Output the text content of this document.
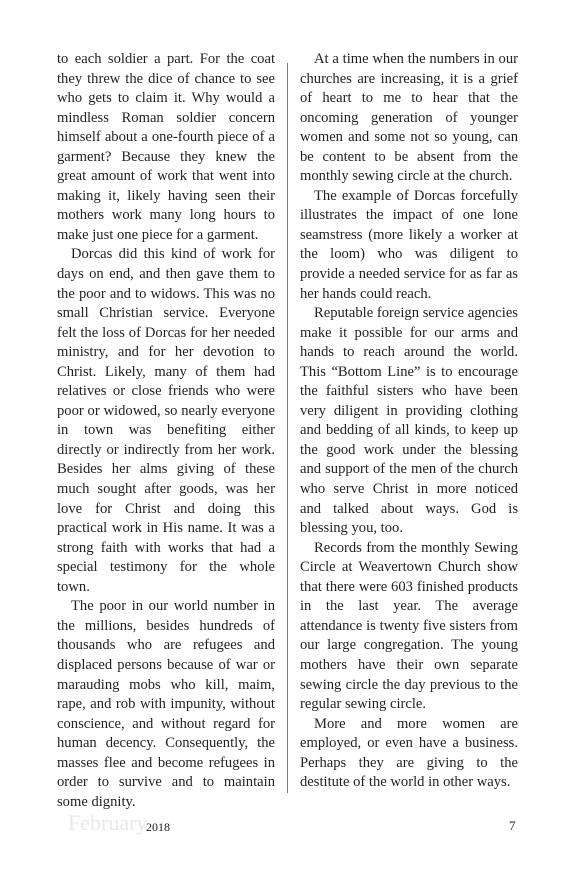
to each soldier a part. For the coat they threw the dice of chance to see who gets to claim it. Why would a mindless Roman soldier concern himself about a one-fourth piece of a garment? Because they knew the great amount of work that went into making it, likely having seen their mothers work many long hours to make just one piece for a garment.

Dorcas did this kind of work for days on end, and then gave them to the poor and to widows. This was no small Christian service. Everyone felt the loss of Dorcas for her needed ministry, and for her devotion to Christ. Likely, many of them had relatives or close friends who were poor or widowed, so nearly everyone in town was benefiting either directly or indirectly from her work. Besides her alms giving of these much sought after goods, was her love for Christ and doing this practical work in His name. It was a strong faith with works that had a special testimony for the whole town.

The poor in our world number in the millions, besides hundreds of thousands who are refugees and displaced persons because of war or marauding mobs who kill, maim, rape, and rob with impunity, without conscience, and without regard for human decency. Consequently, the masses flee and become refugees in order to survive and to maintain some dignity.

At a time when the numbers in our churches are increasing, it is a grief of heart to me to hear that the oncoming generation of younger women and some not so young, can be content to be absent from the monthly sewing circle at the church.

The example of Dorcas forcefully illustrates the impact of one lone seamstress (more likely a worker at the loom) who was diligent to provide a needed service for as far as her hands could reach.

Reputable foreign service agencies make it possible for our arms and hands to reach around the world. This “Bottom Line” is to encourage the faithful sisters who have been very diligent in providing clothing and bedding of all kinds, to keep up the good work under the blessing and support of the men of the church who serve Christ in more noticed and talked about ways. God is blessing you, too.

Records from the monthly Sewing Circle at Weavertown Church show that there were 603 finished products in the last year. The average attendance is twenty five sisters from our large congregation. The young mothers have their own separate sewing circle the day previous to the regular sewing circle.

More and more women are employed, or even have a business. Perhaps they are giving to the destitute of the world in other ways.

February
2018	7
